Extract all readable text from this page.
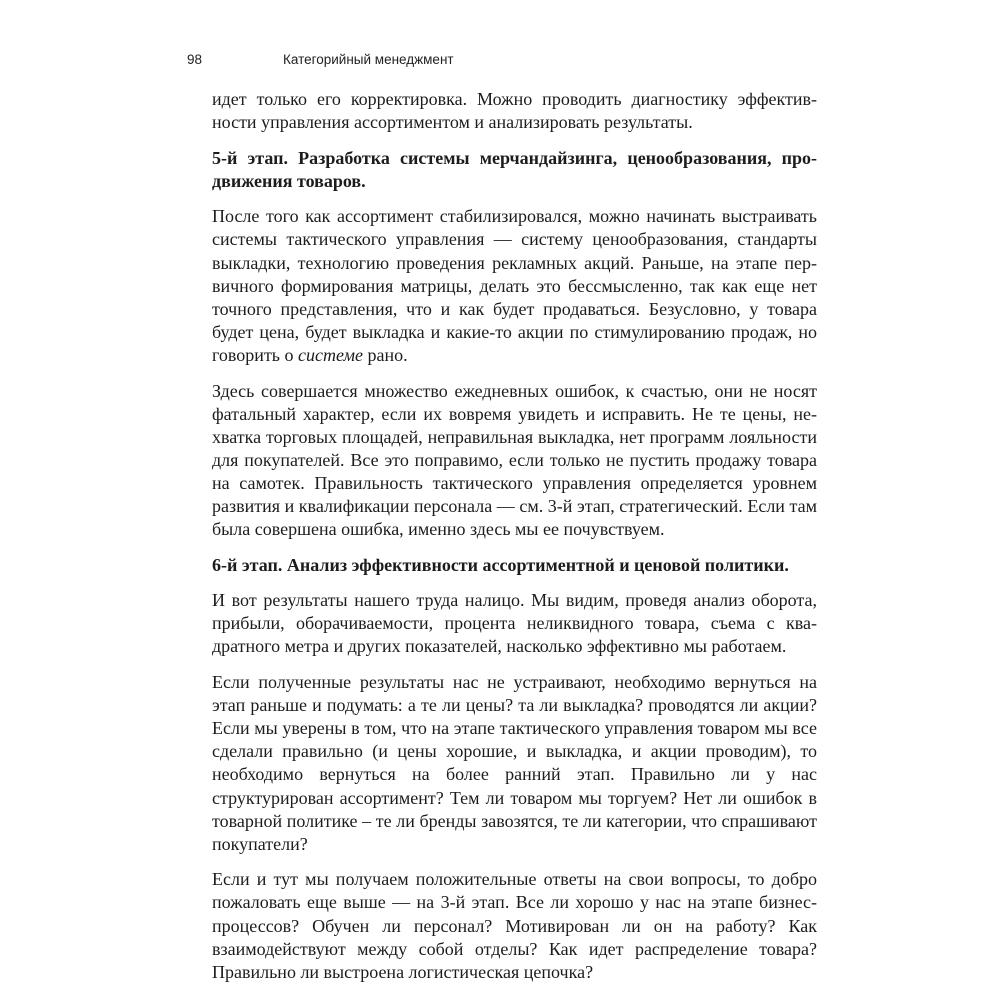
98	Категорийный менеджмент

идет только его корректировка. Можно проводить диагностику эффективности управления ассортиментом и анализировать результаты.

5-й этап. Разработка системы мерчандайзинга, ценообразования, продвижения товаров.

После того как ассортимент стабилизировался, можно начинать выстраивать системы тактического управления — систему ценообразования, стандарты выкладки, технологию проведения рекламных акций. Раньше, на этапе первичного формирования матрицы, делать это бессмысленно, так как еще нет точного представления, что и как будет продаваться. Безусловно, у товара будет цена, будет выкладка и какие-то акции по стимулированию продаж, но говорить о системе рано.

Здесь совершается множество ежедневных ошибок, к счастью, они не носят фатальный характер, если их вовремя увидеть и исправить. Не те цены, нехватка торговых площадей, неправильная выкладка, нет программ лояльности для покупателей. Все это поправимо, если только не пустить продажу товара на самотек. Правильность тактического управления определяется уровнем развития и квалификации персонала — см. 3-й этап, стратегический. Если там была совершена ошибка, именно здесь мы ее почувствуем.

6-й этап. Анализ эффективности ассортиментной и ценовой политики.

И вот результаты нашего труда налицо. Мы видим, проведя анализ оборота, прибыли, оборачиваемости, процента неликвидного товара, съема с квадратного метра и других показателей, насколько эффективно мы работаем.

Если полученные результаты нас не устраивают, необходимо вернуться на этап раньше и подумать: а те ли цены? та ли выкладка? проводятся ли акции? Если мы уверены в том, что на этапе тактического управления товаром мы все сделали правильно (и цены хорошие, и выкладка, и акции проводим), то необходимо вернуться на более ранний этап. Правильно ли у нас структурирован ассортимент? Тем ли товаром мы торгуем? Нет ли ошибок в товарной политике – те ли бренды завозятся, те ли категории, что спрашивают покупатели?

Если и тут мы получаем положительные ответы на свои вопросы, то добро пожаловать еще выше — на 3-й этап. Все ли хорошо у нас на этапе бизнес-процессов? Обучен ли персонал? Мотивирован ли он на работу? Как взаимодействуют между собой отделы? Как идет распределение товара? Правильно ли выстроена логистическая цепочка?
